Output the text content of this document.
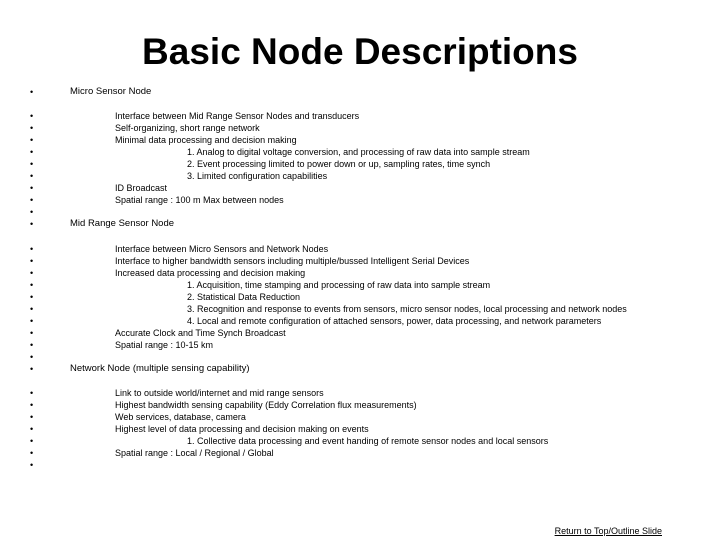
Basic Node Descriptions
•	Micro Sensor Node
•	Interface between Mid Range Sensor Nodes and transducers
•	Self-organizing, short range network
•	Minimal data processing and decision making
•	1. Analog to digital voltage conversion, and processing of raw data into sample stream
•	2. Event processing limited to power down or up, sampling rates, time synch
•	3. Limited configuration capabilities
•	ID Broadcast
•	Spatial range : 100 m Max between nodes
•
•	Mid Range Sensor Node
•	Interface between Micro Sensors and Network Nodes
•	Interface to higher bandwidth sensors including multiple/bussed Intelligent Serial Devices
•	Increased data processing and decision making
•	1. Acquisition, time stamping and processing of raw data into sample stream
•	2. Statistical Data Reduction
•	3. Recognition and response to events from sensors, micro sensor nodes, local processing and network nodes
•	4. Local and remote configuration of attached sensors, power, data processing, and network parameters
•	Accurate Clock and Time Synch Broadcast
•	Spatial range : 10-15 km
•
•	Network Node (multiple sensing capability)
•	Link to outside world/internet and mid range sensors
•	Highest bandwidth sensing capability (Eddy Correlation flux measurements)
•	Web services, database, camera
•	Highest level of data processing and decision making on events
•	1. Collective data processing and event handing of remote sensor nodes and local sensors
•	Spatial range : Local / Regional / Global
•
Return to Top/Outline Slide
